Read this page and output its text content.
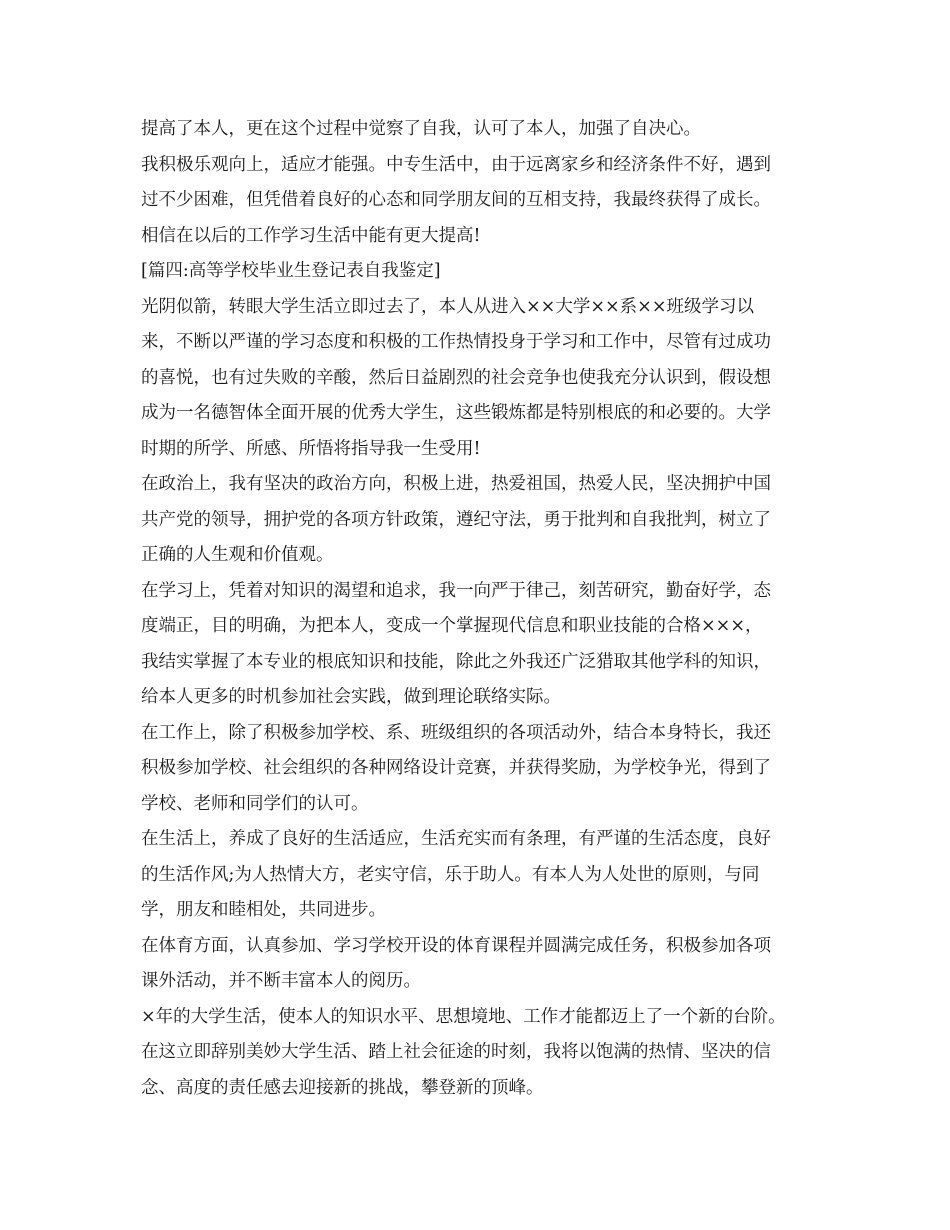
提高了本人，更在这个过程中觉察了自我，认可了本人，加强了自决心。
我积极乐观向上，适应才能强。中专生活中，由于远离家乡和经济条件不好，遇到
过不少困难，但凭借着良好的心态和同学朋友间的互相支持，我最终获得了成长。
相信在以后的工作学习生活中能有更大提高!
[篇四:高等学校毕业生登记表自我鉴定]
光阴似箭，转眼大学生活立即过去了，本人从进入××大学××系××班级学习以
来，不断以严谨的学习态度和积极的工作热情投身于学习和工作中，尽管有过成功
的喜悦，也有过失败的辛酸，然后日益剧烈的社会竞争也使我充分认识到，假设想
成为一名德智体全面开展的优秀大学生，这些锻炼都是特别根底的和必要的。大学
时期的所学、所感、所悟将指导我一生受用!
在政治上，我有坚决的政治方向，积极上进，热爱祖国，热爱人民，坚决拥护中国
共产党的领导，拥护党的各项方针政策，遵纪守法，勇于批判和自我批判，树立了
正确的人生观和价值观。
在学习上，凭着对知识的渴望和追求，我一向严于律己，刻苦研究，勤奋好学，态
度端正，目的明确，为把本人，变成一个掌握现代信息和职业技能的合格×××，
我结实掌握了本专业的根底知识和技能，除此之外我还广泛猎取其他学科的知识，
给本人更多的时机参加社会实践，做到理论联络实际。
在工作上，除了积极参加学校、系、班级组织的各项活动外，结合本身特长，我还
积极参加学校、社会组织的各种网络设计竞赛，并获得奖励，为学校争光，得到了
学校、老师和同学们的认可。
在生活上，养成了良好的生活适应，生活充实而有条理，有严谨的生活态度，良好
的生活作风;为人热情大方，老实守信，乐于助人。有本人为人处世的原则，与同
学，朋友和睦相处，共同进步。
在体育方面，认真参加、学习学校开设的体育课程并圆满完成任务，积极参加各项
课外活动，并不断丰富本人的阅历。
×年的大学生活，使本人的知识水平、思想境地、工作才能都迈上了一个新的台阶。
在这立即辞别美妙大学生活、踏上社会征途的时刻，我将以饱满的热情、坚决的信
念、高度的责任感去迎接新的挑战，攀登新的顶峰。
